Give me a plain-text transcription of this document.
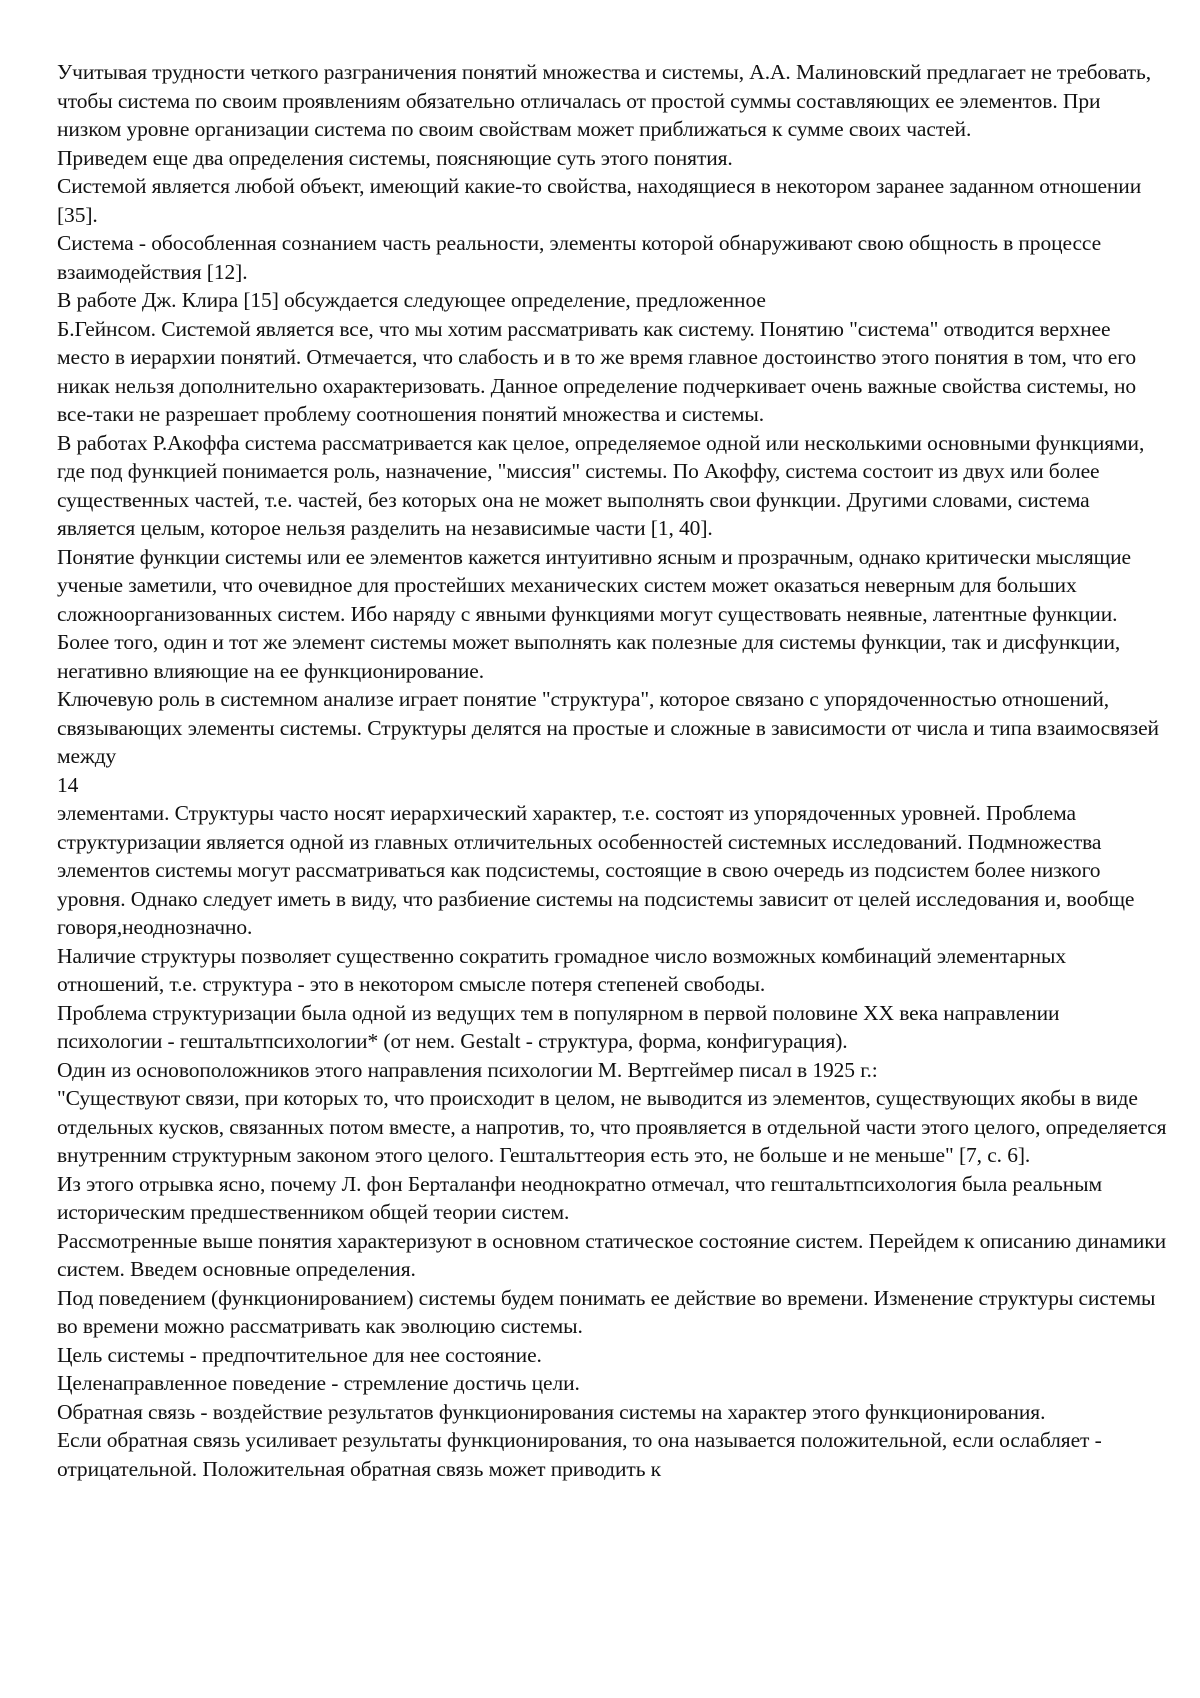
Учитывая трудности четкого разграничения понятий множества и системы, А.А. Малиновский предлагает не требовать, чтобы система по своим проявлениям обязательно отличалась от простой суммы составляющих ее элементов. При низком уровне организации система по своим свойствам может приближаться к сумме своих частей.

Приведем еще два определения системы, поясняющие суть этого понятия.

Системой является любой объект, имеющий какие-то свойства, находящиеся в некотором заранее заданном отношении [35].

Система - обособленная сознанием часть реальности, элементы которой обнаруживают свою общность в процессе взаимодействия [12].

В работе Дж. Клира [15] обсуждается следующее определение, предложенное

Б.Гейнсом. Системой является все, что мы хотим рассматривать как систему. Понятию "система" отводится верхнее место в иерархии понятий. Отмечается, что слабость и в то же время главное достоинство этого понятия в том, что его никак нельзя дополнительно охарактеризовать. Данное определение подчеркивает очень важные свойства системы, но все-таки не разрешает проблему соотношения понятий множества и системы.

В работах Р.Акоффа система рассматривается как целое, определяемое одной или несколькими основными функциями, где под функцией понимается роль, назначение, "миссия" системы. По Акоффу, система состоит из двух или более существенных частей, т.е. частей, без которых она не может выполнять свои функции. Другими словами, система является целым, которое нельзя разделить на независимые части [1, 40].

Понятие функции системы или ее элементов кажется интуитивно ясным и прозрачным, однако критически мыслящие ученые заметили, что очевидное для простейших механических систем может оказаться неверным для больших сложноорганизованных систем. Ибо наряду с явными функциями могут существовать неявные, латентные функции. Более того, один и тот же элемент системы может выполнять как полезные для системы функции, так и дисфункции, негативно влияющие на ее функционирование.

Ключевую роль в системном анализе играет понятие "структура", которое связано с упорядоченностью отношений, связывающих элементы системы. Структуры делятся на простые и сложные в зависимости от числа и типа взаимосвязей между

14

элементами. Структуры часто носят иерархический характер, т.е. состоят из упорядоченных уровней. Проблема структуризации является одной из главных отличительных особенностей системных исследований. Подмножества элементов системы могут рассматриваться как подсистемы, состоящие в свою очередь из подсистем более низкого уровня. Однако следует иметь в виду, что разбиение системы на подсистемы зависит от целей исследования и, вообще говоря,неоднозначно.

Наличие структуры позволяет существенно сократить громадное число возможных комбинаций элементарных отношений, т.е. структура - это в некотором смысле потеря степеней свободы.

Проблема структуризации была одной из ведущих тем в популярном в первой половине XX века направлении психологии - гештальтпсихологии* (от нем. Gestalt - структура, форма, конфигурация).

Один из основоположников этого направления психологии М. Вертгеймер писал в 1925 г.:

"Существуют связи, при которых то, что происходит в целом, не выводится из элементов, существующих якобы в виде отдельных кусков, связанных потом вместе, а напротив, то, что проявляется в отдельной части этого целого, определяется внутренним структурным законом этого целого. Гештальттеория есть это, не больше и не меньше" [7, с. 6].

Из этого отрывка ясно, почему Л. фон Берталанфи неоднократно отмечал, что гештальтпсихология была реальным историческим предшественником общей теории систем.

Рассмотренные выше понятия характеризуют в основном статическое состояние систем. Перейдем к описанию динамики систем. Введем основные определения.

Под поведением (функционированием) системы будем понимать ее действие во времени. Изменение структуры системы во времени можно рассматривать как эволюцию системы.

Цель системы - предпочтительное для нее состояние.

Целенаправленное поведение - стремление достичь цели.

Обратная связь - воздействие результатов функционирования системы на характер этого функционирования.

Если обратная связь усиливает результаты функционирования, то она называется положительной, если ослабляет - отрицательной. Положительная обратная связь может приводить к
